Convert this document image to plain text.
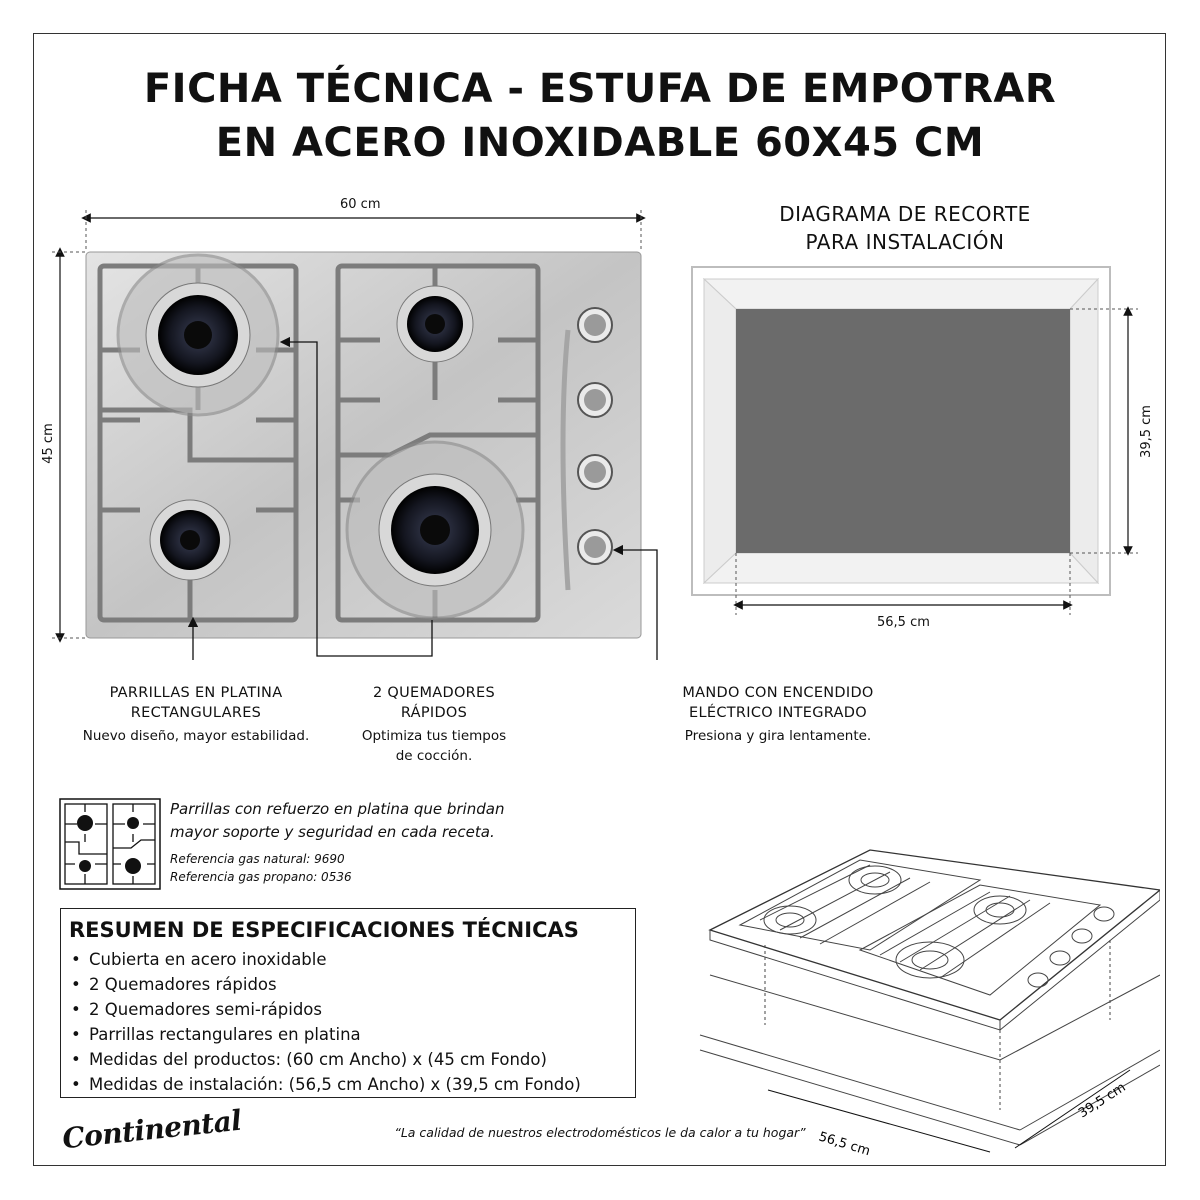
FICHA TÉCNICA - ESTUFA DE EMPOTRAR
EN ACERO INOXIDABLE 60X45 CM
60 cm
45 cm
DIAGRAMA DE RECORTE
PARA INSTALACIÓN
39,5 cm
56,5 cm
PARRILLAS EN PLATINA
RECTANGULARES
Nuevo diseño, mayor estabilidad.
2 QUEMADORES
RÁPIDOS
Optimiza tus tiempos
de cocción.
MANDO CON ENCENDIDO
ELÉCTRICO INTEGRADO
Presiona y gira lentamente.
Parrillas con refuerzo en platina que brindan
mayor soporte y seguridad en cada receta.
Referencia gas natural: 9690
Referencia gas propano: 0536
RESUMEN DE ESPECIFICACIONES TÉCNICAS
• Cubierta en acero inoxidable
• 2 Quemadores rápidos
• 2 Quemadores semi-rápidos
• Parrillas rectangulares en platina
• Medidas del productos: (60 cm Ancho) x (45 cm Fondo)
• Medidas de instalación: (56,5 cm Ancho) x (39,5 cm Fondo)
56,5 cm
39,5 cm
Continental	“La calidad de nuestros electrodomésticos le da calor a tu hogar”
